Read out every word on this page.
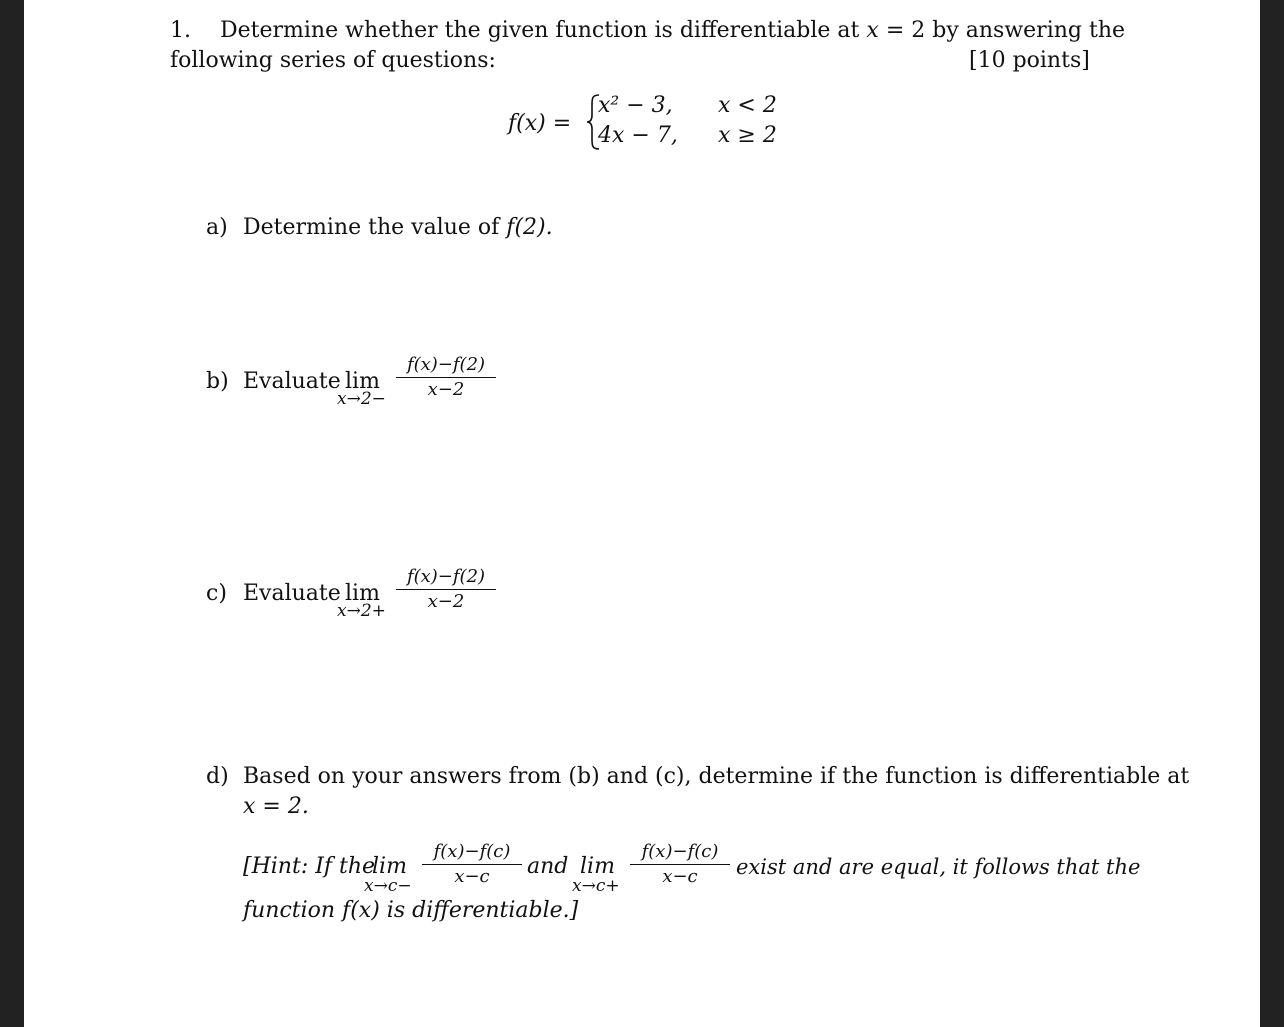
1. Determine whether the given function is differentiable at x = 2 by answering the
following series of questions:	[10 points]
f(x) =
x² − 3, x < 2
4x − 7, x ≥ 2
a) Determine the value of f(2).
b) Evaluate lim
x→2−
f(x)−f(2)
x−2
c) Evaluate lim
x→2+
f(x)−f(2)
x−2
d) Based on your answers from (b) and (c), determine if the function is differentiable at
x = 2.
[Hint: If the
lim
x→c−
f(x)−f(c)
x−c	and lim
x→c+
f(x)−f(c)
x−c	exist and are equal, it follows that the
function f(x) is differentiable.]
